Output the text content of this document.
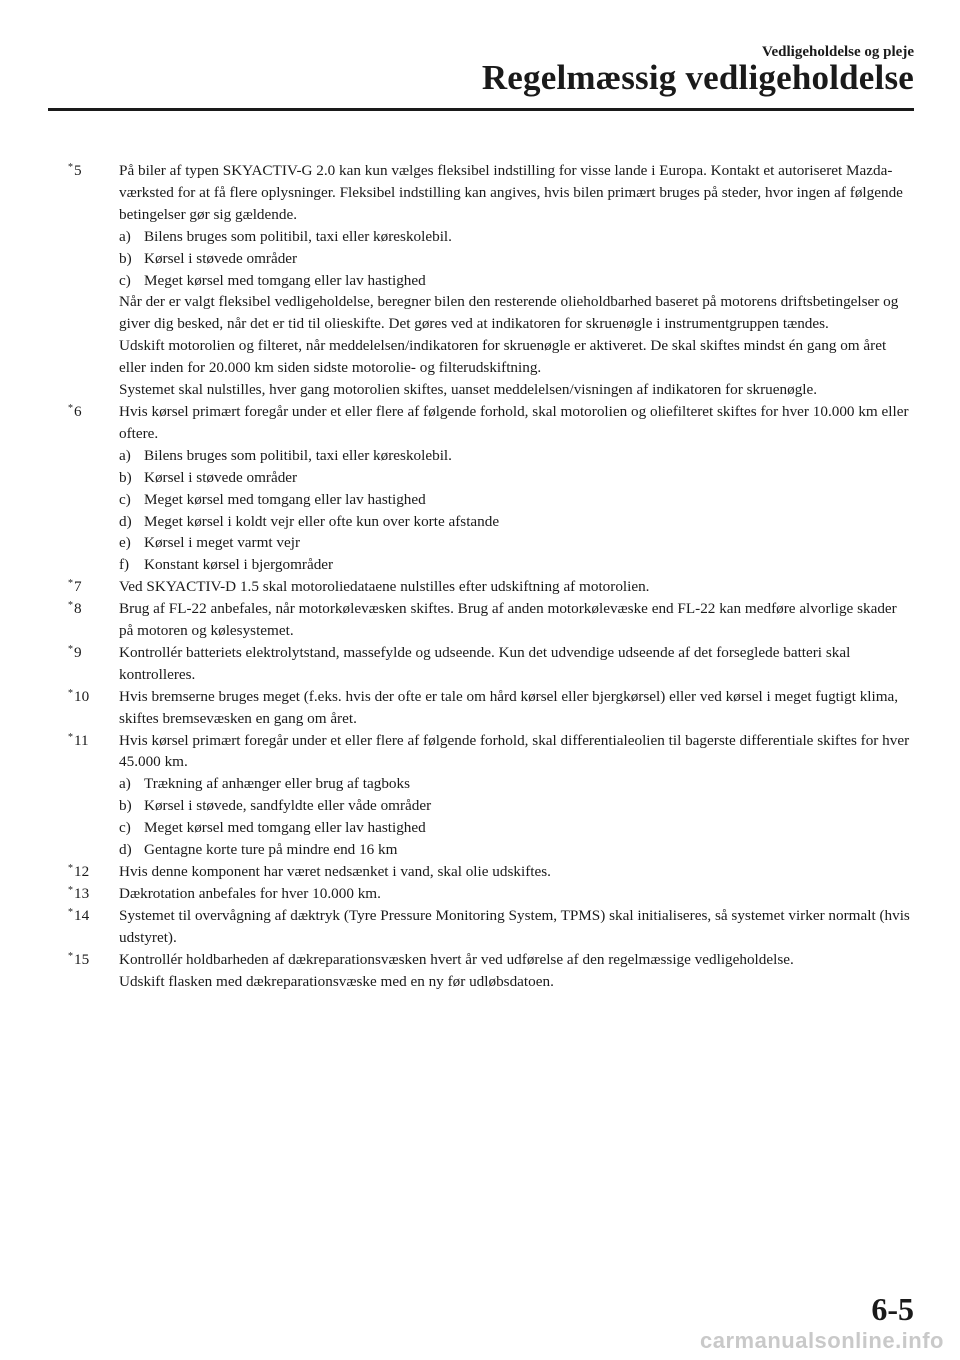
Vedligeholdelse og pleje
Regelmæssig vedligeholdelse
*5 På biler af typen SKYACTIV-G 2.0 kan kun vælges fleksibel indstilling for visse lande i Europa. Kontakt et autoriseret Mazda-værksted for at få flere oplysninger. Fleksibel indstilling kan angives, hvis bilen primært bruges på steder, hvor ingen af følgende betingelser gør sig gældende.
a) Bilens bruges som politibil, taxi eller køreskolebil.
b) Kørsel i støvede områder
c) Meget kørsel med tomgang eller lav hastighed
Når der er valgt fleksibel vedligeholdelse, beregner bilen den resterende olieholdbarhed baseret på motorens driftsbetingelser og giver dig besked, når det er tid til olieskifte. Det gøres ved at indikatoren for skruenøgle i instrumentgruppen tændes.
Udskift motorolien og filteret, når meddelelsen/indikatoren for skruenøgle er aktiveret. De skal skiftes mindst én gang om året eller inden for 20.000 km siden sidste motorolie- og filterudskiftning.
Systemet skal nulstilles, hver gang motorolien skiftes, uanset meddelelsen/visningen af indikatoren for skruenøgle.
*6 Hvis kørsel primært foregår under et eller flere af følgende forhold, skal motorolien og oliefilteret skiftes for hver 10.000 km eller oftere.
a) Bilens bruges som politibil, taxi eller køreskolebil.
b) Kørsel i støvede områder
c) Meget kørsel med tomgang eller lav hastighed
d) Meget kørsel i koldt vejr eller ofte kun over korte afstande
e) Kørsel i meget varmt vejr
f) Konstant kørsel i bjergområder
*7 Ved SKYACTIV-D 1.5 skal motoroliedataene nulstilles efter udskiftning af motorolien.
*8 Brug af FL-22 anbefales, når motorkølevæsken skiftes. Brug af anden motorkølevæske end FL-22 kan medføre alvorlige skader på motoren og kølesystemet.
*9 Kontrollér batteriets elektrolytstand, massefylde og udseende. Kun det udvendige udseende af det forseglede batteri skal kontrolleres.
*10 Hvis bremserne bruges meget (f.eks. hvis der ofte er tale om hård kørsel eller bjergkørsel) eller ved kørsel i meget fugtigt klima, skiftes bremsevæsken en gang om året.
*11 Hvis kørsel primært foregår under et eller flere af følgende forhold, skal differentialeolien til bagerste differentiale skiftes for hver 45.000 km.
a) Trækning af anhænger eller brug af tagboks
b) Kørsel i støvede, sandfyldte eller våde områder
c) Meget kørsel med tomgang eller lav hastighed
d) Gentagne korte ture på mindre end 16 km
*12 Hvis denne komponent har været nedsænket i vand, skal olie udskiftes.
*13 Dækrotation anbefales for hver 10.000 km.
*14 Systemet til overvågning af dæktryk (Tyre Pressure Monitoring System, TPMS) skal initialiseres, så systemet virker normalt (hvis udstyret).
*15 Kontrollér holdbarheden af dækreparationsvæsken hvert år ved udførelse af den regelmæssige vedligeholdelse.
Udskift flasken med dækreparationsvæske med en ny før udløbsdatoen.
6-5
carmanualsonline.info
